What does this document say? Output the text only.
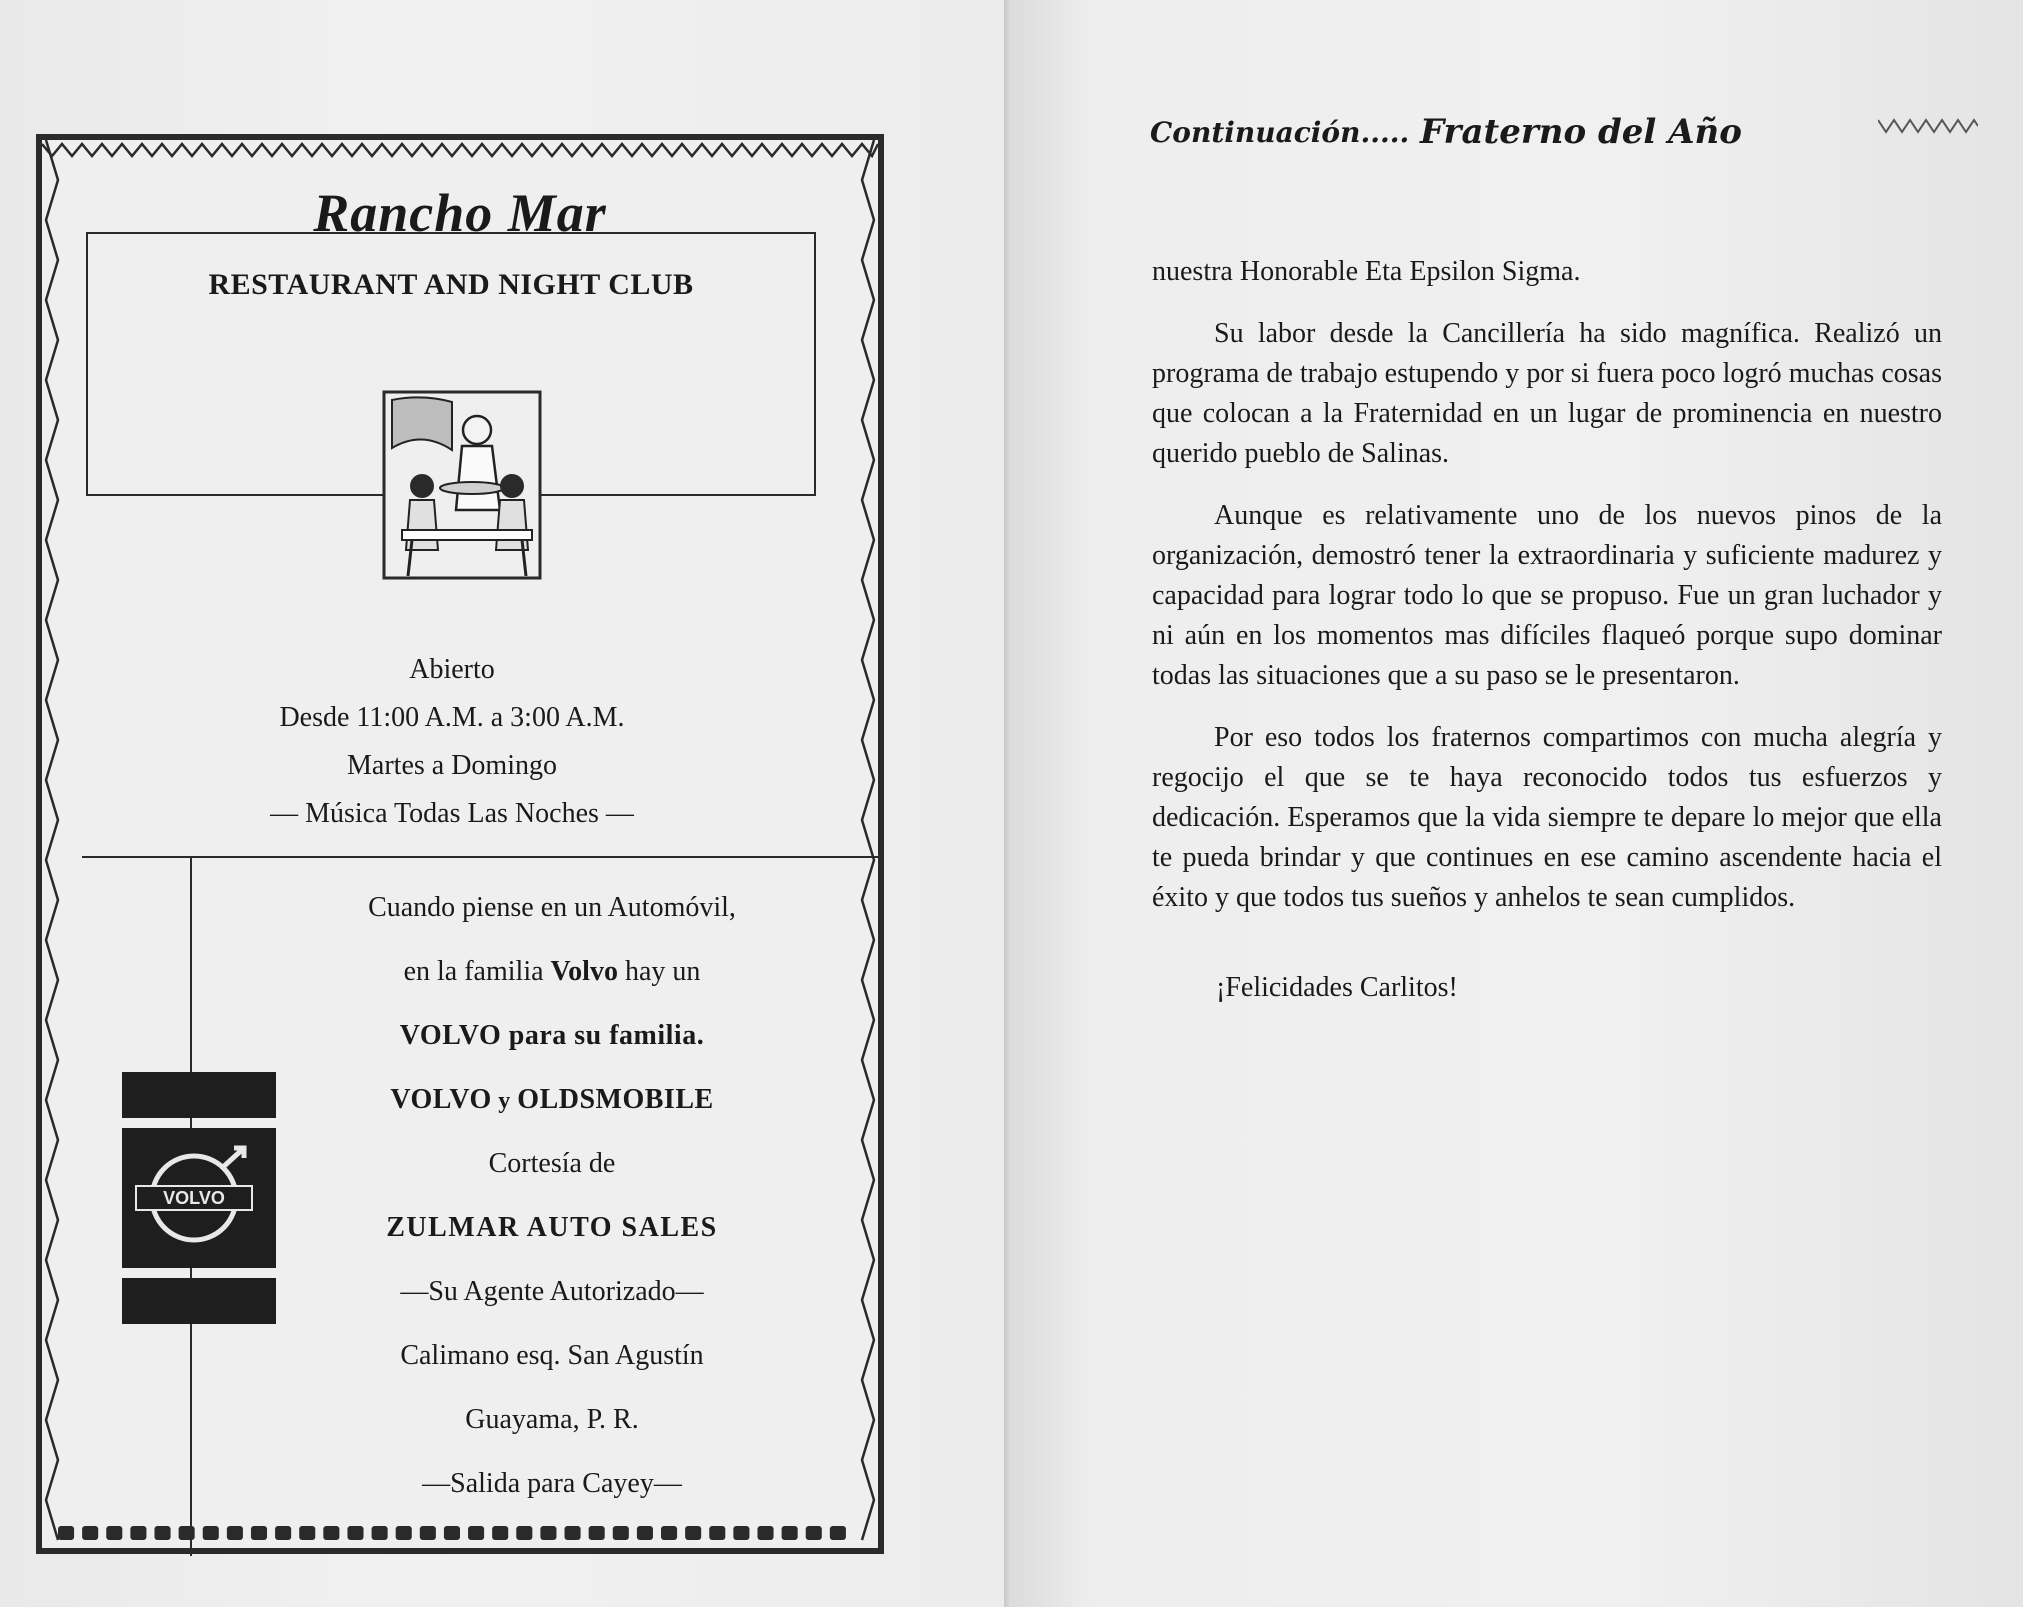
Rancho Mar
RESTAURANT AND NIGHT CLUB
Abierto
Desde 11:00 A.M. a 3:00 A.M.
Martes a Domingo
— Música Todas Las Noches —
Cuando piense en un Automóvil,
en la familia Volvo hay un
VOLVO para su familia.
VOLVO y OLDSMOBILE
Cortesía de
ZULMAR AUTO SALES
—Su Agente Autorizado—
Calimano esq. San Agustín
Guayama, P. R.
—Salida para Cayey—
VOLVO
Continuación..... Fraterno del Año

nuestra Honorable Eta Epsilon Sigma.

Su labor desde la Cancillería ha sido magnífica. Realizó un programa de trabajo estupendo y por si fuera poco logró muchas cosas que colocan a la Fraternidad en un lugar de prominencia en nuestro querido pueblo de Salinas.

Aunque es relativamente uno de los nuevos pinos de la organización, demostró tener la extraordinaria y suficiente madurez y capacidad para lograr todo lo que se propuso. Fue un gran luchador y ni aún en los momentos mas difíciles flaqueó porque supo dominar todas las situaciones que a su paso se le presentaron.

Por eso todos los fraternos compartimos con mucha alegría y regocijo el que se te haya reconocido todos tus esfuerzos y dedicación. Esperamos que la vida siempre te depare lo mejor que ella te pueda brindar y que continues en ese camino ascendente hacia el éxito y que todos tus sueños y anhelos te sean cumplidos.

¡Felicidades Carlitos!
